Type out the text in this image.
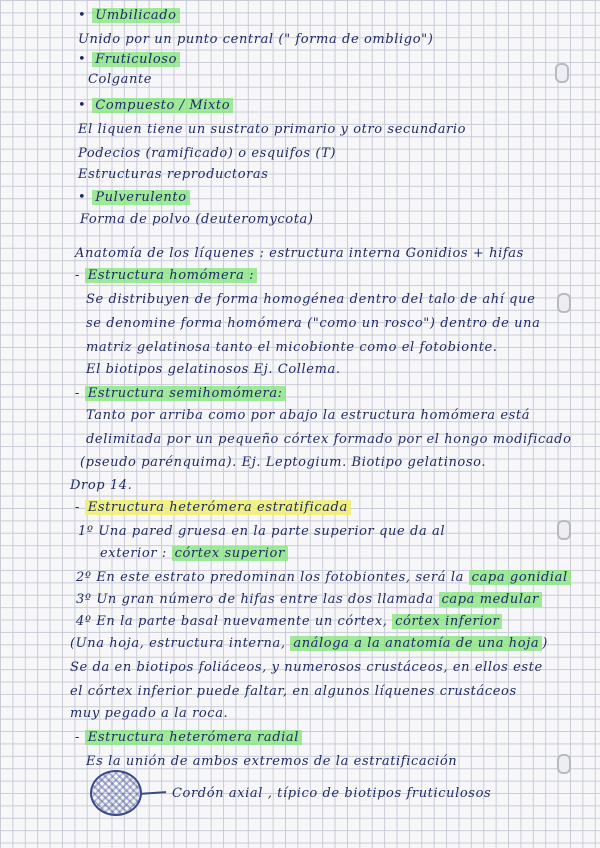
• Umbilicado
Unido por un punto central (" forma de ombligo")
• Fruticuloso
Colgante
• Compuesto / Mixto
El liquen tiene un sustrato primario y otro secundario
Podecios (ramificado) o esquifos (T)
Estructuras reproductoras
• Pulverulento
Forma de polvo (deuteromycota)
Anatomía de los líquenes : estructura interna Gonidios + hifas
- Estructura homómera :
Se distribuyen de forma homogénea dentro del talo de ahí que
se denomine forma homómera ("como un rosco") dentro de una
matriz gelatinosa tanto el micobionte como el fotobionte.
El biotipos gelatinosos Ej. Collema.
- Estructura semihomómera:
Tanto por arriba como por abajo la estructura homómera está
delimitada por un pequeño córtex formado por el hongo modificado
(pseudo parénquima). Ej. Leptogium. Biotipo gelatinoso.
Drop 14.
- Estructura heterómera estratificada
1º Una pared gruesa en la parte superior que da al
exterior : córtex superior
2º En este estrato predominan los fotobiontes, será la capa gonidial
3º Un gran número de hifas entre las dos llamada capa medular
4º En la parte basal nuevamente un córtex, córtex inferior
(Una hoja, estructura interna, análoga a la anatomía de una hoja )
Se da en biotipos foliáceos, y numerosos crustáceos, en ellos este
el córtex inferior puede faltar, en algunos líquenes crustáceos
muy pegado a la roca.
- Estructura heterómera radial
Es la unión de ambos extremos de la estratificación
Cordón axial , típico de biotipos fruticulosos
